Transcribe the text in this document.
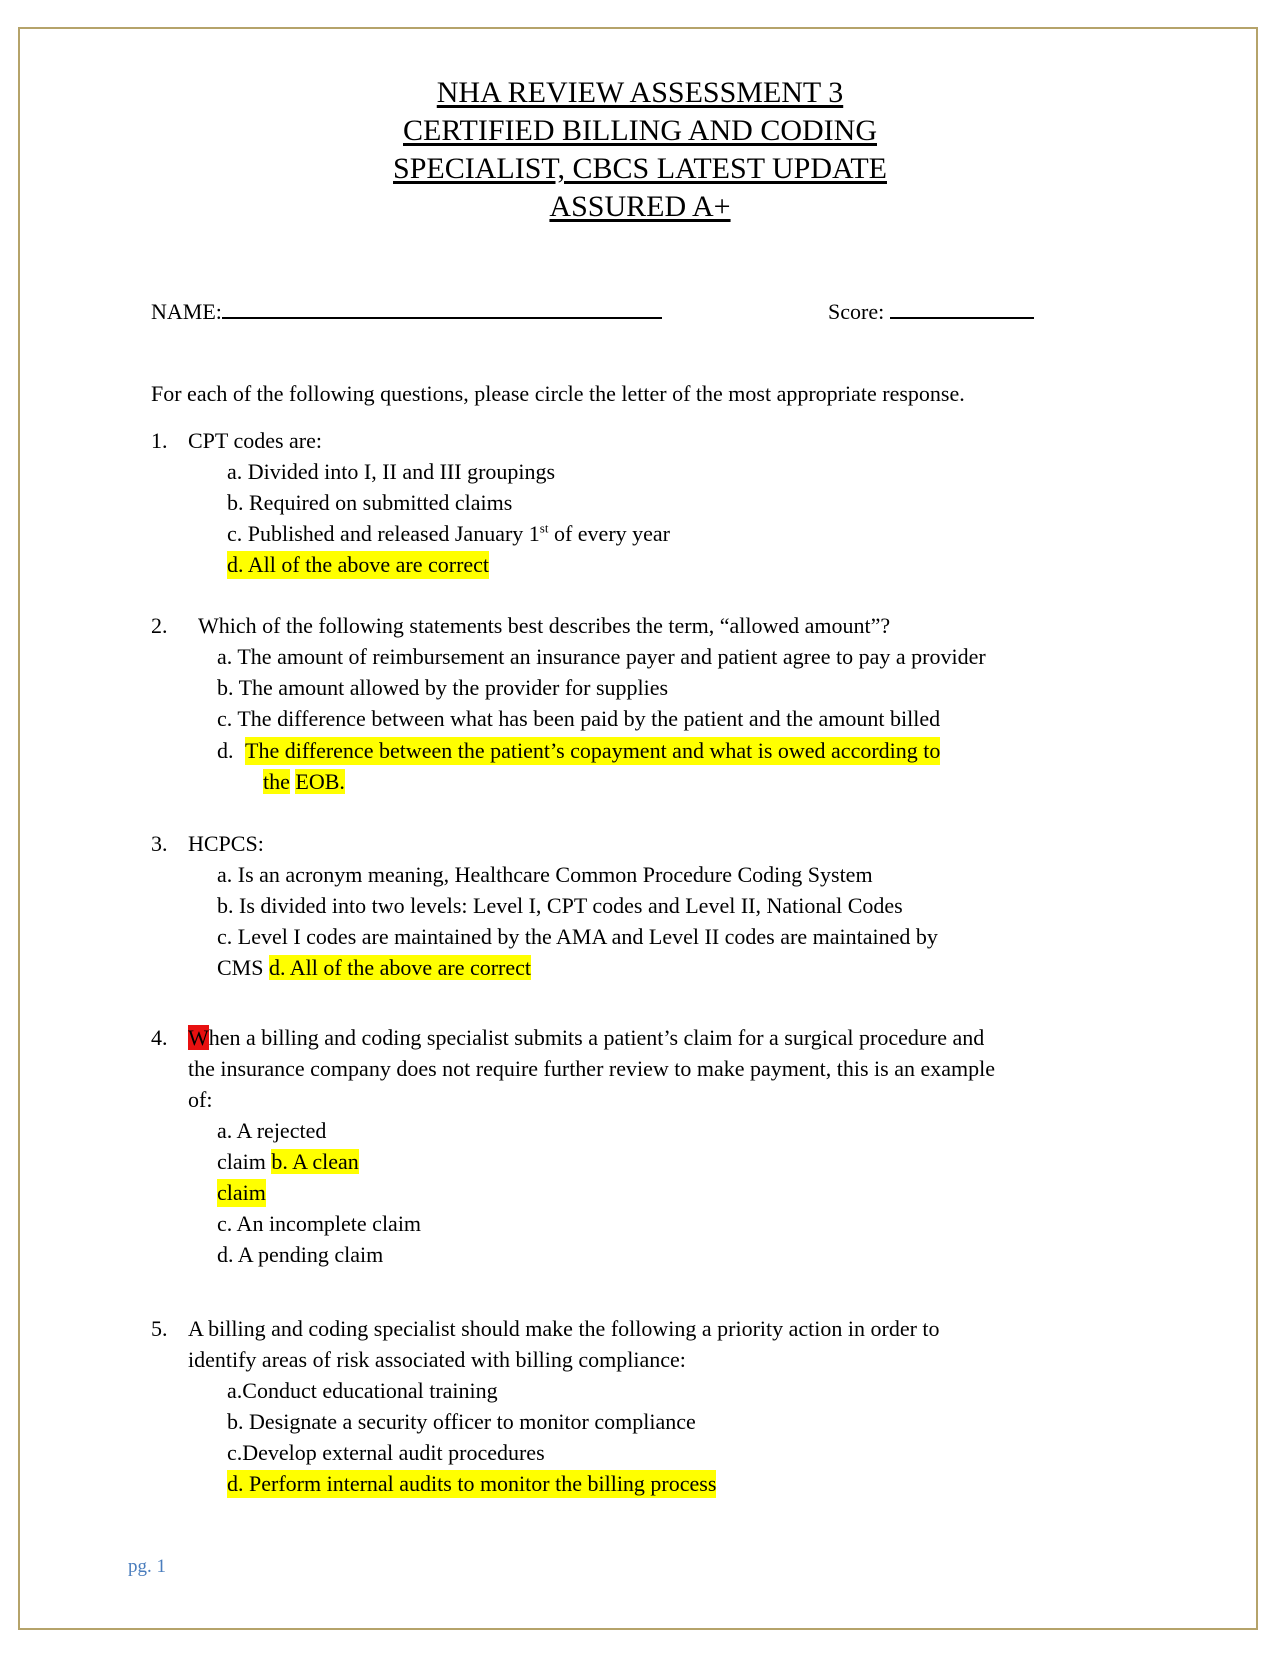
NHA REVIEW ASSESSMENT 3
CERTIFIED BILLING AND CODING
SPECIALIST, CBCS LATEST UPDATE
ASSURED A+
NAME:	Score:
For each of the following questions, please circle the letter of the most appropriate response.
1. CPT codes are:
a. Divided into I, II and III groupings
b. Required on submitted claims
c. Published and released January 1st of every year
d. All of the above are correct
2. Which of the following statements best describes the term, “allowed amount”?
a. The amount of reimbursement an insurance payer and patient agree to pay a provider
b. The amount allowed by the provider for supplies
c. The difference between what has been paid by the patient and the amount billed
d. The difference between the patient’s copayment and what is owed according to
the EOB.
3. HCPCS:
a. Is an acronym meaning, Healthcare Common Procedure Coding System
b. Is divided into two levels: Level I, CPT codes and Level II, National Codes
c. Level I codes are maintained by the AMA and Level II codes are maintained by
CMS d. All of the above are correct
4. When a billing and coding specialist submits a patient’s claim for a surgical procedure and
the insurance company does not require further review to make payment, this is an example
of:
a. A rejected
claim b. A clean
claim
c. An incomplete claim
d. A pending claim
5. A billing and coding specialist should make the following a priority action in order to
identify areas of risk associated with billing compliance:
a.Conduct educational training
b. Designate a security officer to monitor compliance
c.Develop external audit procedures
d. Perform internal audits to monitor the billing process
pg. 1
